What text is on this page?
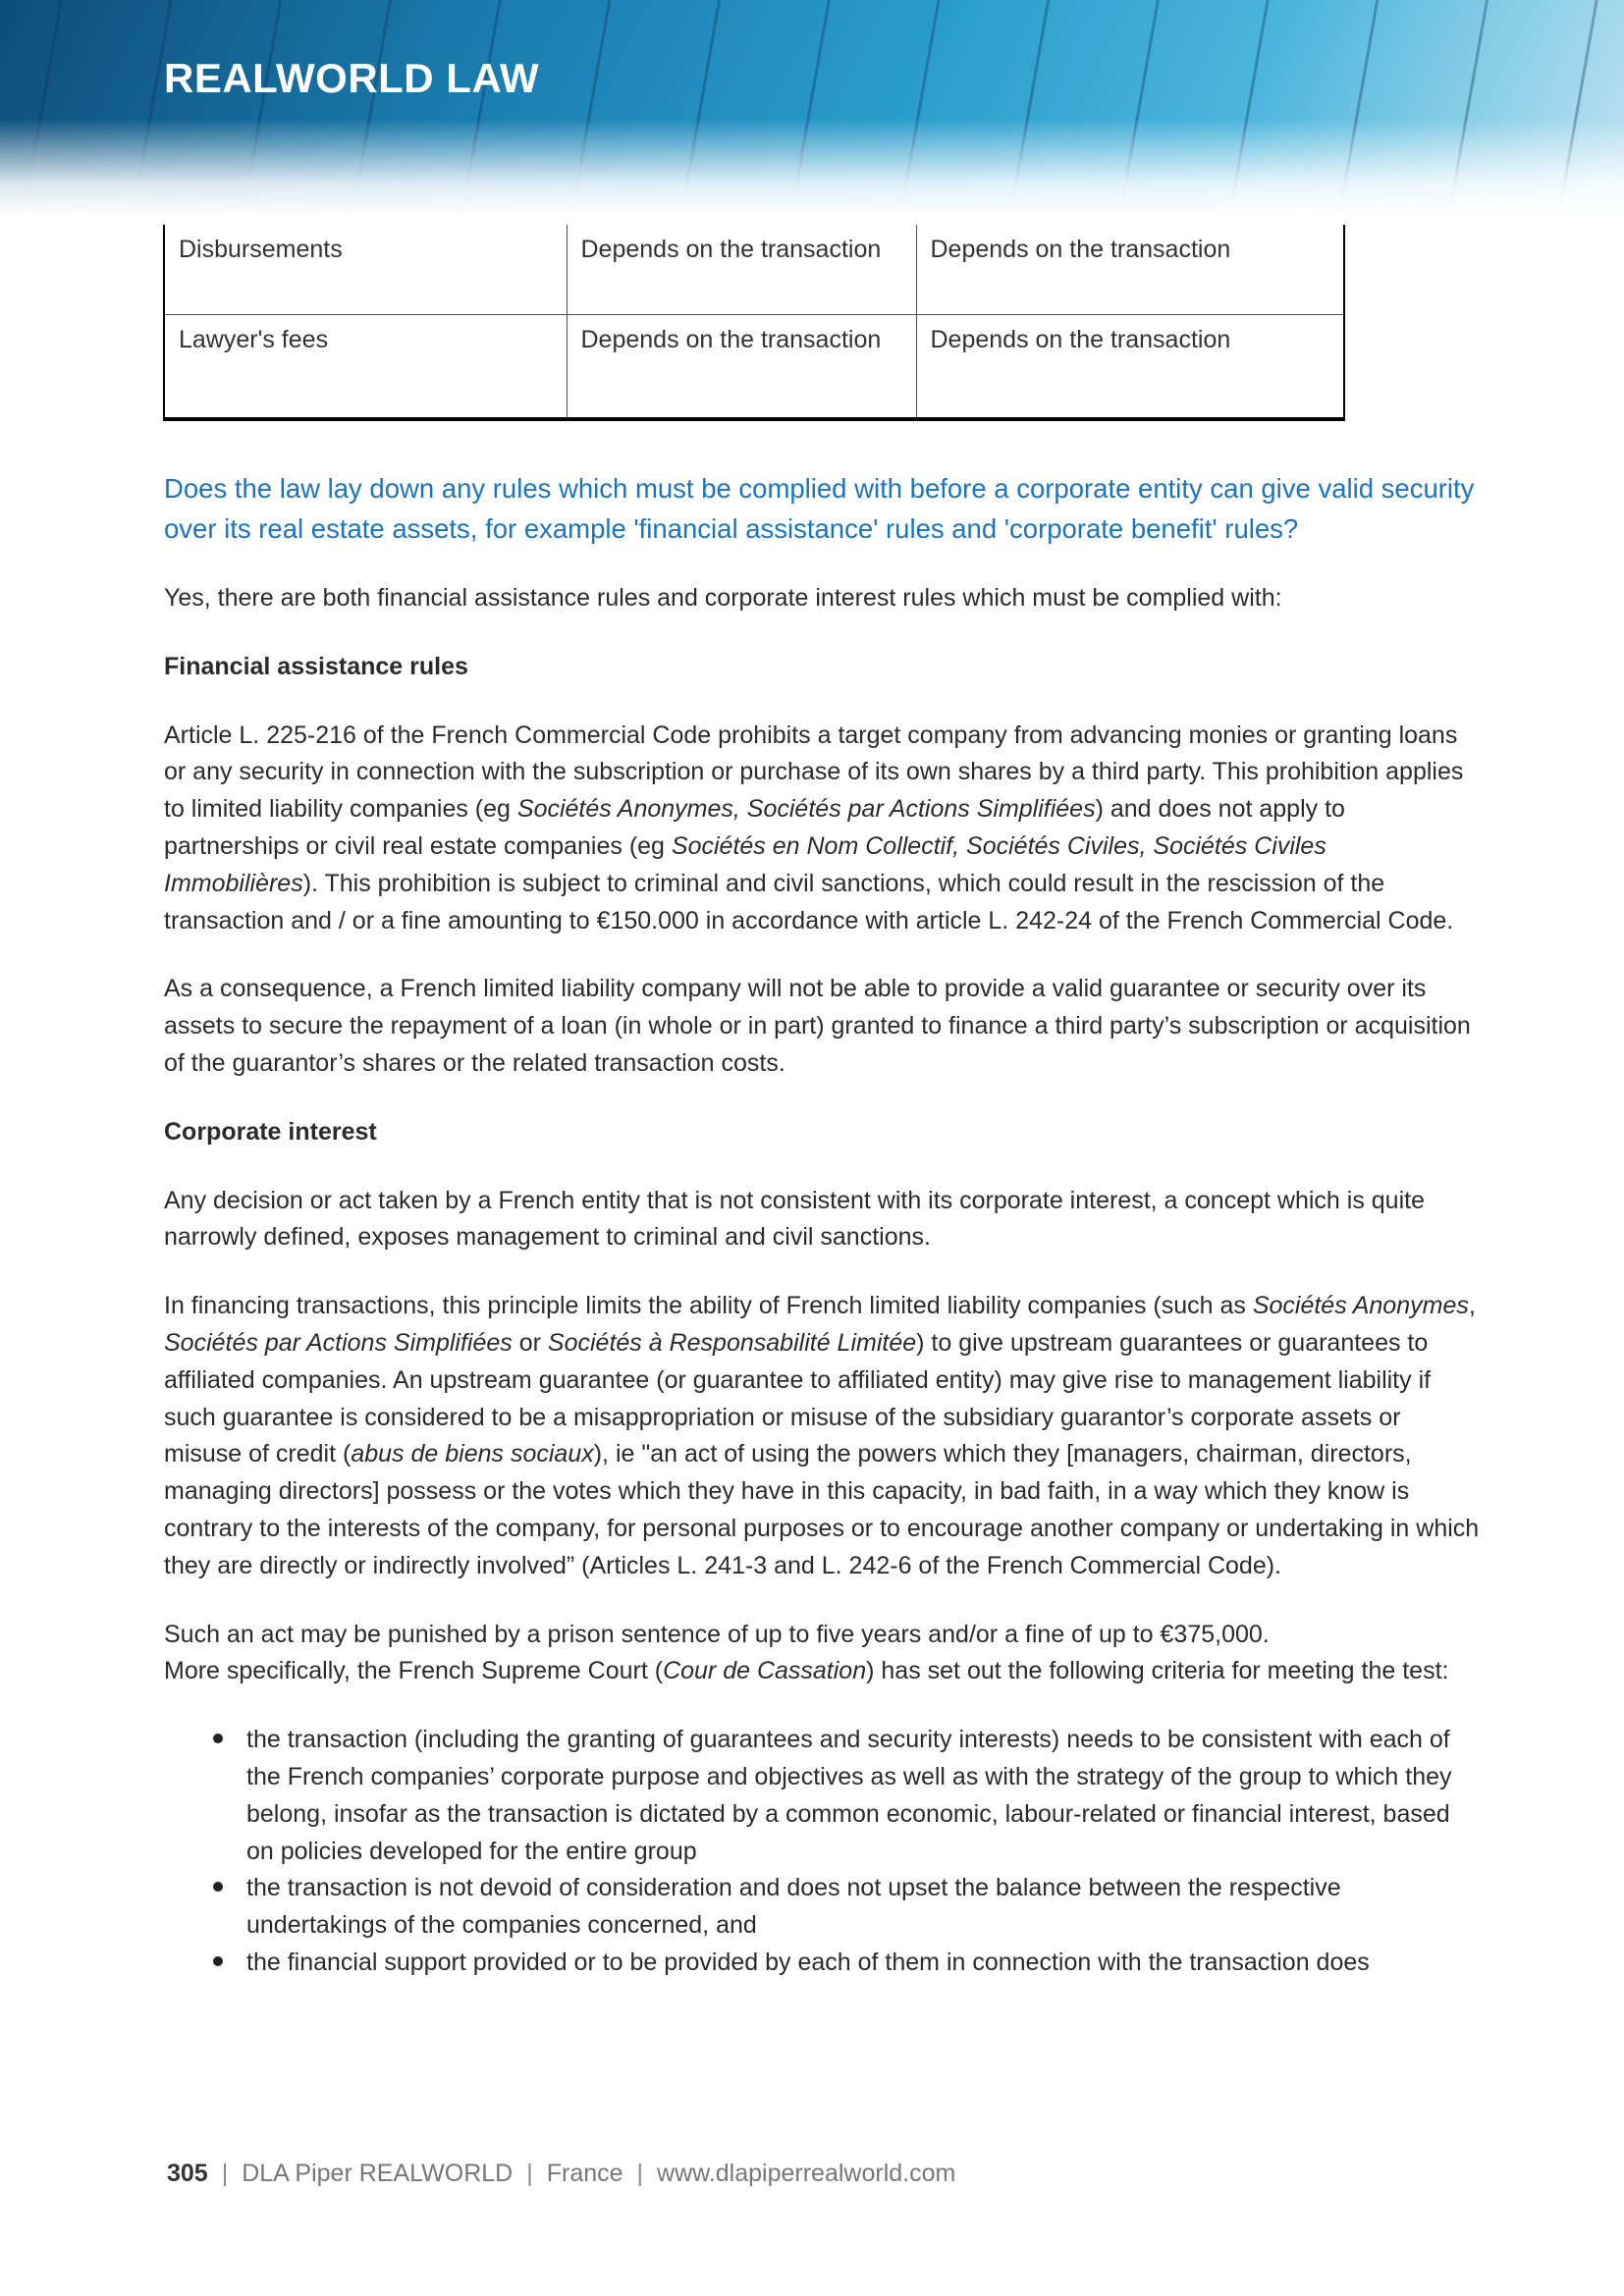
REALWORLD LAW
Disbursements	Depends on the transaction	Depends on the transaction
Lawyer's fees	Depends on the transaction	Depends on the transaction
Does the law lay down any rules which must be complied with before a corporate entity can give valid security over its real estate assets, for example 'financial assistance' rules and 'corporate benefit' rules?

Yes, there are both financial assistance rules and corporate interest rules which must be complied with:

Financial assistance rules

Article L. 225-216 of the French Commercial Code prohibits a target company from advancing monies or granting loans or any security in connection with the subscription or purchase of its own shares by a third party. This prohibition applies to limited liability companies (eg Sociétés Anonymes, Sociétés par Actions Simplifiées) and does not apply to partnerships or civil real estate companies (eg Sociétés en Nom Collectif, Sociétés Civiles, Sociétés Civiles Immobilières). This prohibition is subject to criminal and civil sanctions, which could result in the rescission of the transaction and / or a fine amounting to €150.000 in accordance with article L. 242-24 of the French Commercial Code.

As a consequence, a French limited liability company will not be able to provide a valid guarantee or security over its assets to secure the repayment of a loan (in whole or in part) granted to finance a third party’s subscription or acquisition of the guarantor’s shares or the related transaction costs.

Corporate interest

Any decision or act taken by a French entity that is not consistent with its corporate interest, a concept which is quite narrowly defined, exposes management to criminal and civil sanctions.

In financing transactions, this principle limits the ability of French limited liability companies (such as Sociétés Anonymes, Sociétés par Actions Simplifiées or Sociétés à Responsabilité Limitée) to give upstream guarantees or guarantees to affiliated companies. An upstream guarantee (or guarantee to affiliated entity) may give rise to management liability if such guarantee is considered to be a misappropriation or misuse of the subsidiary guarantor’s corporate assets or misuse of credit (abus de biens sociaux), ie "an act of using the powers which they [managers, chairman, directors, managing directors] possess or the votes which they have in this capacity, in bad faith, in a way which they know is contrary to the interests of the company, for personal purposes or to encourage another company or undertaking in which they are directly or indirectly involved” (Articles L. 241-3 and L. 242-6 of the French Commercial Code).

Such an act may be punished by a prison sentence of up to five years and/or a fine of up to €375,000.

More specifically, the French Supreme Court (Cour de Cassation) has set out the following criteria for meeting the test:

the transaction (including the granting of guarantees and security interests) needs to be consistent with each of the French companies’ corporate purpose and objectives as well as with the strategy of the group to which they belong, insofar as the transaction is dictated by a common economic, labour-related or financial interest, based on policies developed for the entire group
the transaction is not devoid of consideration and does not upset the balance between the respective undertakings of the companies concerned, and
the financial support provided or to be provided by each of them in connection with the transaction does
305 | DLA Piper REALWORLD | France | www.dlapiperrealworld.com
